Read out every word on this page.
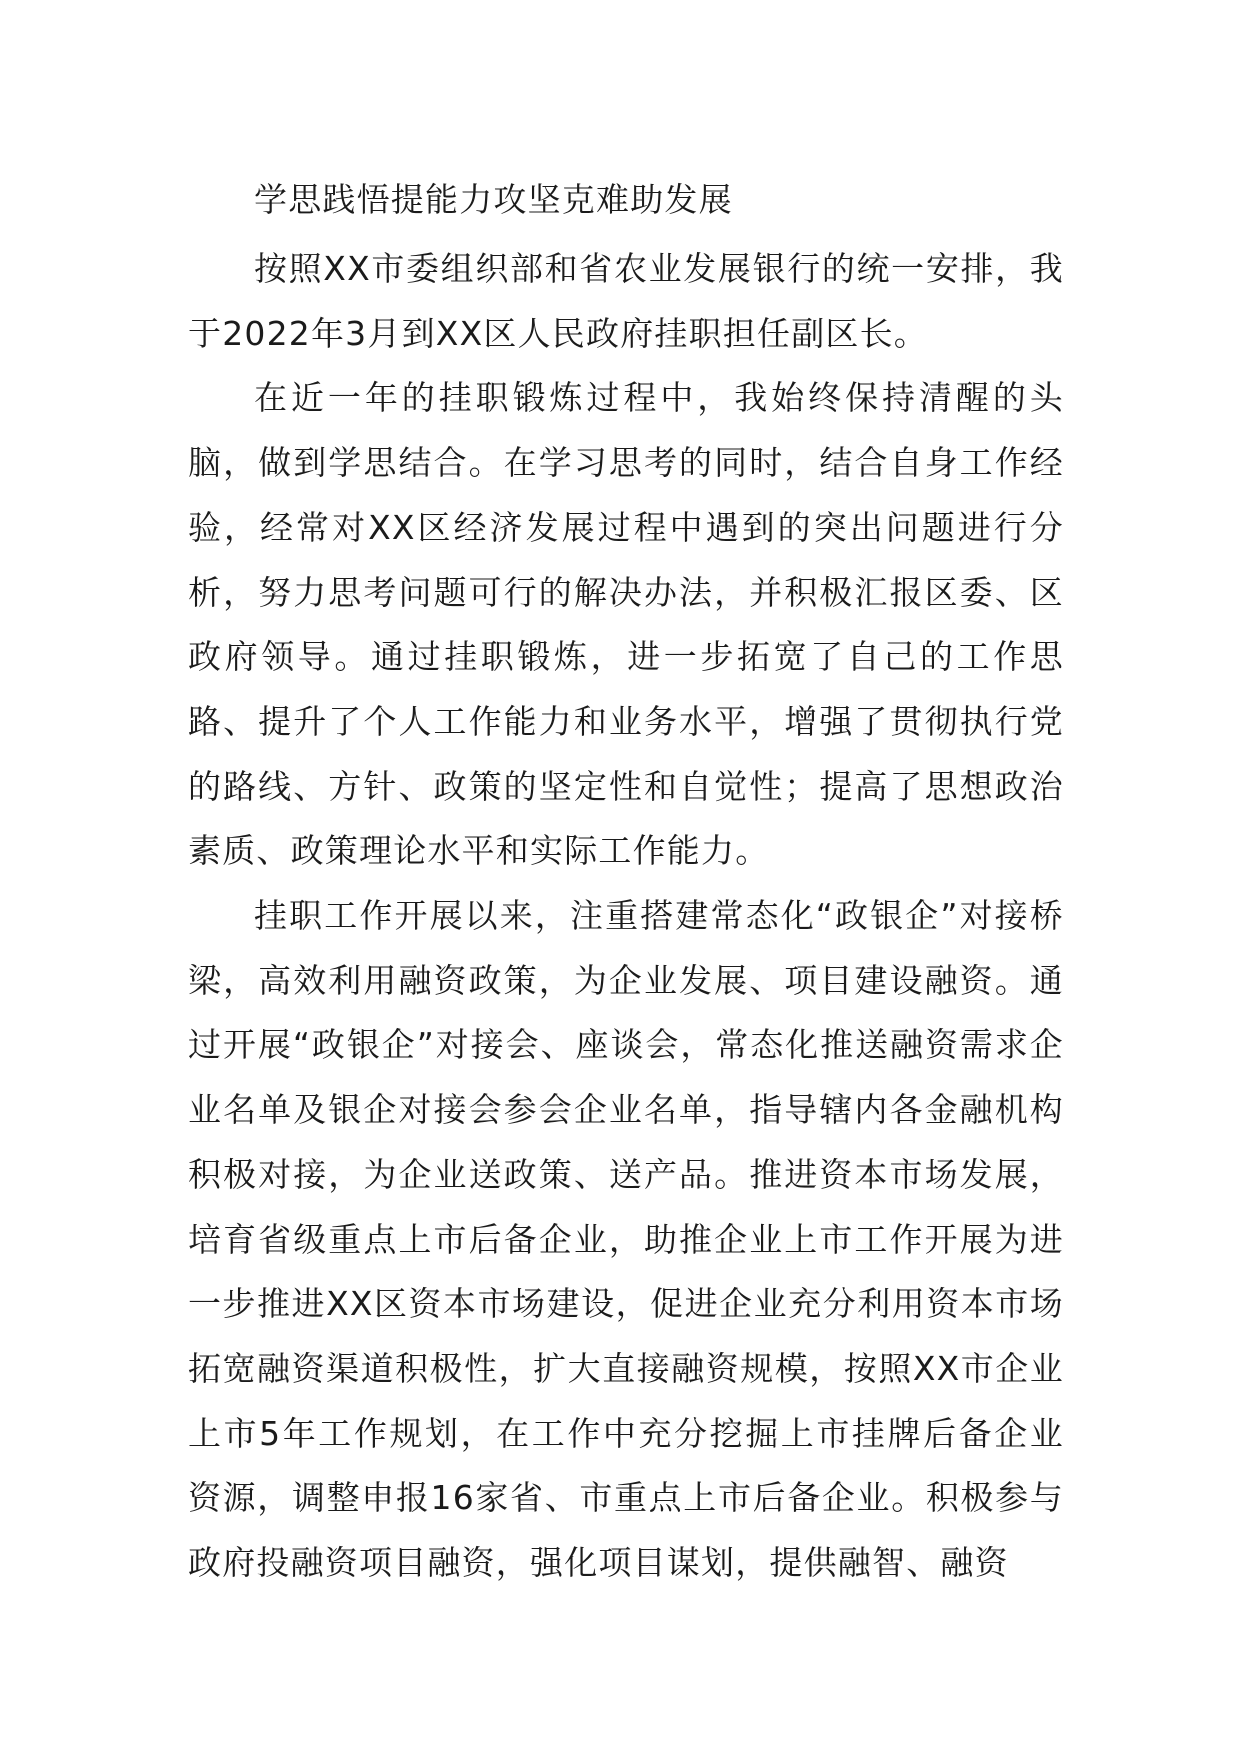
学思践悟提能力攻坚克难助发展

按照XX市委组织部和省农业发展银行的统一安排，我于2022年3月到XX区人民政府挂职担任副区长。

在近一年的挂职锻炼过程中，我始终保持清醒的头脑，做到学思结合。在学习思考的同时，结合自身工作经验，经常对XX区经济发展过程中遇到的突出问题进行分析，努力思考问题可行的解决办法，并积极汇报区委、区政府领导。通过挂职锻炼，进一步拓宽了自己的工作思路、提升了个人工作能力和业务水平，增强了贯彻执行党的路线、方针、政策的坚定性和自觉性；提高了思想政治素质、政策理论水平和实际工作能力。

挂职工作开展以来，注重搭建常态化“政银企”对接桥梁，高效利用融资政策，为企业发展、项目建设融资。通过开展“政银企”对接会、座谈会，常态化推送融资需求企业名单及银企对接会参会企业名单，指导辖内各金融机构积极对接，为企业送政策、送产品。推进资本市场发展，培育省级重点上市后备企业，助推企业上市工作开展为进一步推进XX区资本市场建设，促进企业充分利用资本市场拓宽融资渠道积极性，扩大直接融资规模，按照XX市企业上市5年工作规划，在工作中充分挖掘上市挂牌后备企业资源，调整申报16家省、市重点上市后备企业。积极参与政府投融资项目融资，强化项目谋划，提供融智、融资
